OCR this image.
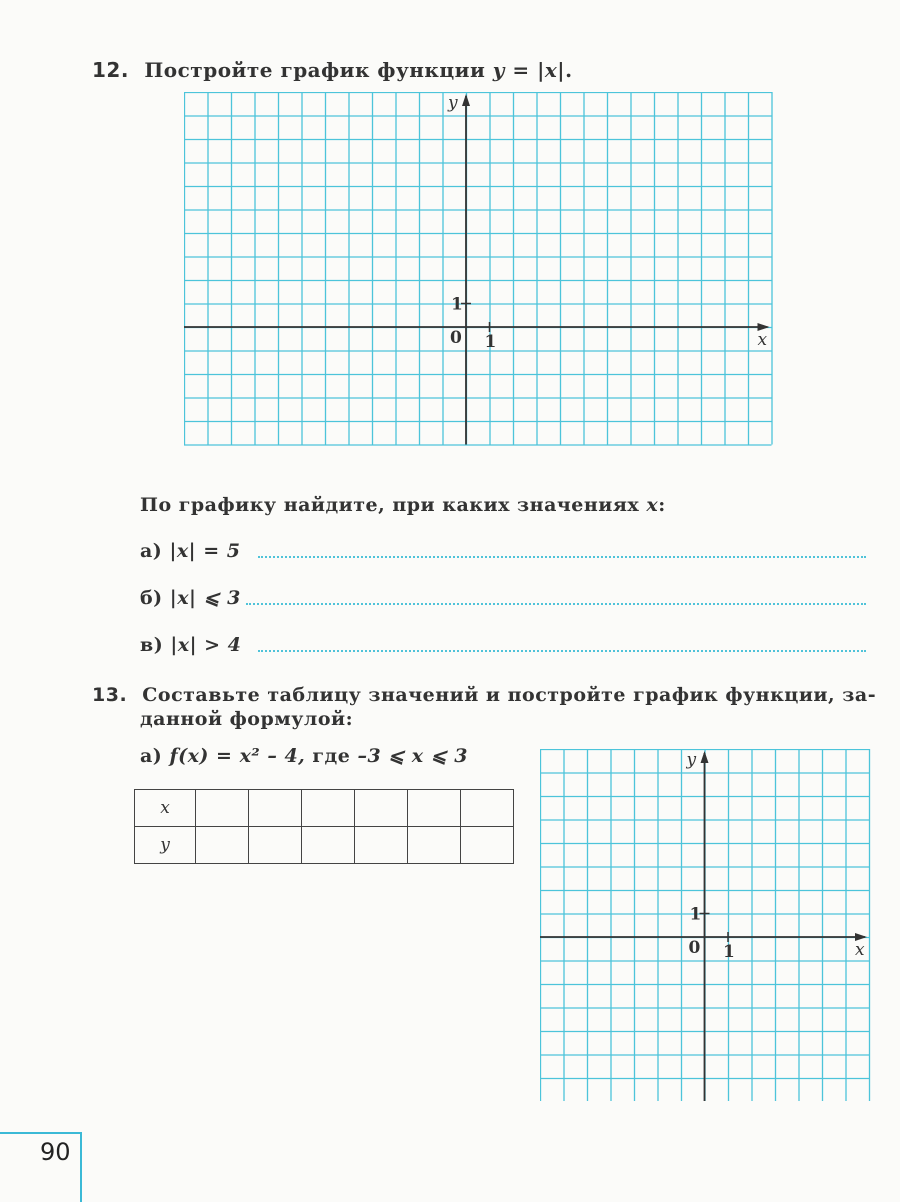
12. Постройте график функции y = |x|.
x
y
0 1
1
По графику найдите, при каких значениях x:
а) |x| = 5
б) |x| ⩽ 3
в) |x| > 4
13. Составьте таблицу значений и постройте график функции, за-
данной формулой:
а) f(x) = x² – 4, где –3 ⩽ x ⩽ 3
x						
y						
x
y
0 1
1
90
